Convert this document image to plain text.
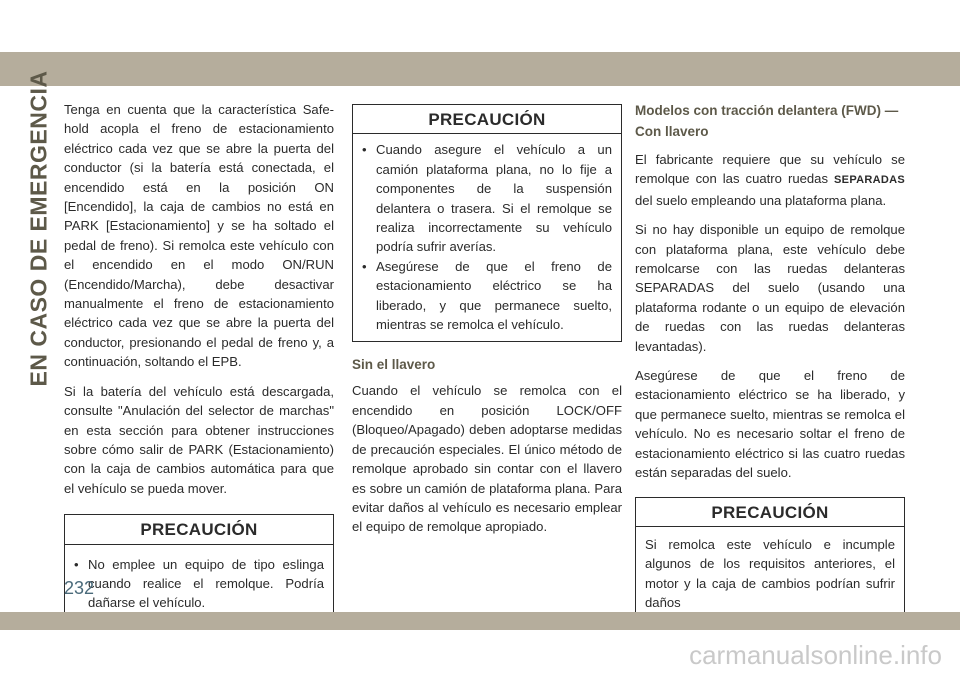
EN CASO DE EMERGENCIA Tenga en cuenta que la característica Safe-hold acopla el freno de estacionamiento eléctrico cada vez que se abre la puerta del conductor (si la batería está conectada, el encendido está en la posición ON [Encendido], la caja de cambios no está en PARK [Estacionamiento] y se ha soltado el pedal de freno). Si remolca este vehículo con el encendido en el modo ON/RUN (Encendido/Marcha), debe desactivar manualmente el freno de estacionamiento eléctrico cada vez que se abre la puerta del conductor, presionando el pedal de freno y, a continuación, soltando el EPB.

Si la batería del vehículo está descargada, consulte "Anulación del selector de marchas" en esta sección para obtener instrucciones sobre cómo salir de PARK (Estacionamiento) con la caja de cambios automática para que el vehículo se pueda mover.

PRECAUCIÓN
• No emplee un equipo de tipo eslinga cuando realice el remolque. Podría dañarse el vehículo.
PRECAUCIÓN
• Cuando asegure el vehículo a un camión plataforma plana, no lo fije a componentes de la suspensión delantera o trasera. Si el remolque se realiza incorrectamente su vehículo podría sufrir averías.
• Asegúrese de que el freno de estacionamiento eléctrico se ha liberado, y que permanece suelto, mientras se remolca el vehículo.
Sin el llavero

Cuando el vehículo se remolca con el encendido en posición LOCK/OFF (Bloqueo/Apagado) deben adoptarse medidas de precaución especiales. El único método de remolque aprobado sin contar con el llavero es sobre un camión de plataforma plana. Para evitar daños al vehículo es necesario emplear el equipo de remolque apropiado.

Modelos con tracción delantera (FWD) —
Con llavero

El fabricante requiere que su vehículo se remolque con las cuatro ruedas SEPARADAS del suelo empleando una plataforma plana.

Si no hay disponible un equipo de remolque con plataforma plana, este vehículo debe remolcarse con las ruedas delanteras SEPARADAS del suelo (usando una plataforma rodante o un equipo de elevación de ruedas con las ruedas delanteras levantadas).

Asegúrese de que el freno de estacionamiento eléctrico se ha liberado, y que permanece suelto, mientras se remolca el vehículo. No es necesario soltar el freno de estacionamiento eléctrico si las cuatro ruedas están separadas del suelo.

PRECAUCIÓN

Si remolca este vehículo e incumple algunos de los requisitos anteriores, el motor y la caja de cambios podrían sufrir daños

232
carmanualsonline.info
